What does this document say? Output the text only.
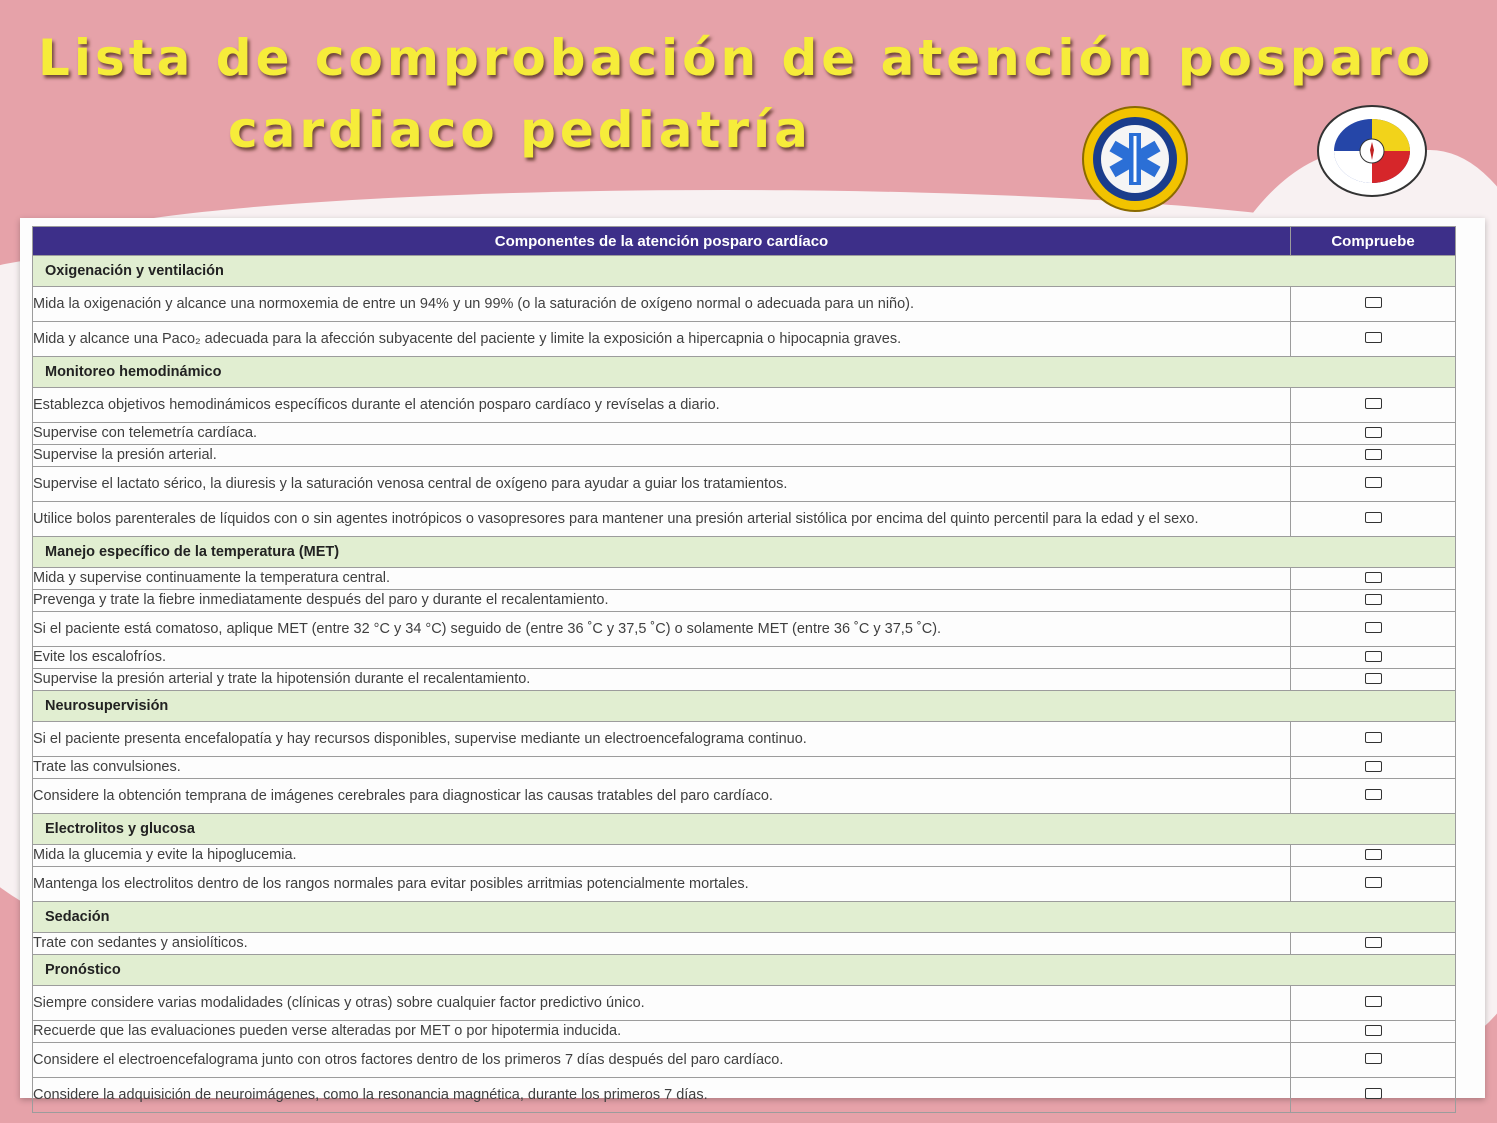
Lista de comprobación de atención posparo
cardiaco pediatría
Componentes de la atención posparo cardíaco	Compruebe
Oxigenación y ventilación	
Mida la oxigenación y alcance una normoxemia de entre un 94% y un 99% (o la saturación de oxígeno normal o adecuada para un niño).	
Mida y alcance una Paco₂ adecuada para la afección subyacente del paciente y limite la exposición a hipercapnia o hipocapnia graves.	
Monitoreo hemodinámico	
Establezca objetivos hemodinámicos específicos durante el atención posparo cardíaco y revíselas a diario.	
Supervise con telemetría cardíaca.	
Supervise la presión arterial.	
Supervise el lactato sérico, la diuresis y la saturación venosa central de oxígeno para ayudar a guiar los tratamientos.	
Utilice bolos parenterales de líquidos con o sin agentes inotrópicos o vasopresores para mantener una presión arterial sistólica por encima del quinto percentil para la edad y el sexo.	
Manejo específico de la temperatura (MET)	
Mida y supervise continuamente la temperatura central.	
Prevenga y trate la fiebre inmediatamente después del paro y durante el recalentamiento.	
Si el paciente está comatoso, aplique MET (entre 32 °C y 34 °C) seguido de (entre 36 ˚C y 37,5 ˚C) o solamente MET (entre 36 ˚C y 37,5 ˚C).	
Evite los escalofríos.	
Supervise la presión arterial y trate la hipotensión durante el recalentamiento.	
Neurosupervisión	
Si el paciente presenta encefalopatía y hay recursos disponibles, supervise mediante un electroencefalograma continuo.	
Trate las convulsiones.	
Considere la obtención temprana de imágenes cerebrales para diagnosticar las causas tratables del paro cardíaco.	
Electrolitos y glucosa	
Mida la glucemia y evite la hipoglucemia.	
Mantenga los electrolitos dentro de los rangos normales para evitar posibles arritmias potencialmente mortales.	
Sedación	
Trate con sedantes y ansiolíticos.	
Pronóstico	
Siempre considere varias modalidades (clínicas y otras) sobre cualquier factor predictivo único.	
Recuerde que las evaluaciones pueden verse alteradas por MET o por hipotermia inducida.	
Considere el electroencefalograma junto con otros factores dentro de los primeros 7 días después del paro cardíaco.	
Considere la adquisición de neuroimágenes, como la resonancia magnética, durante los primeros 7 días.	
